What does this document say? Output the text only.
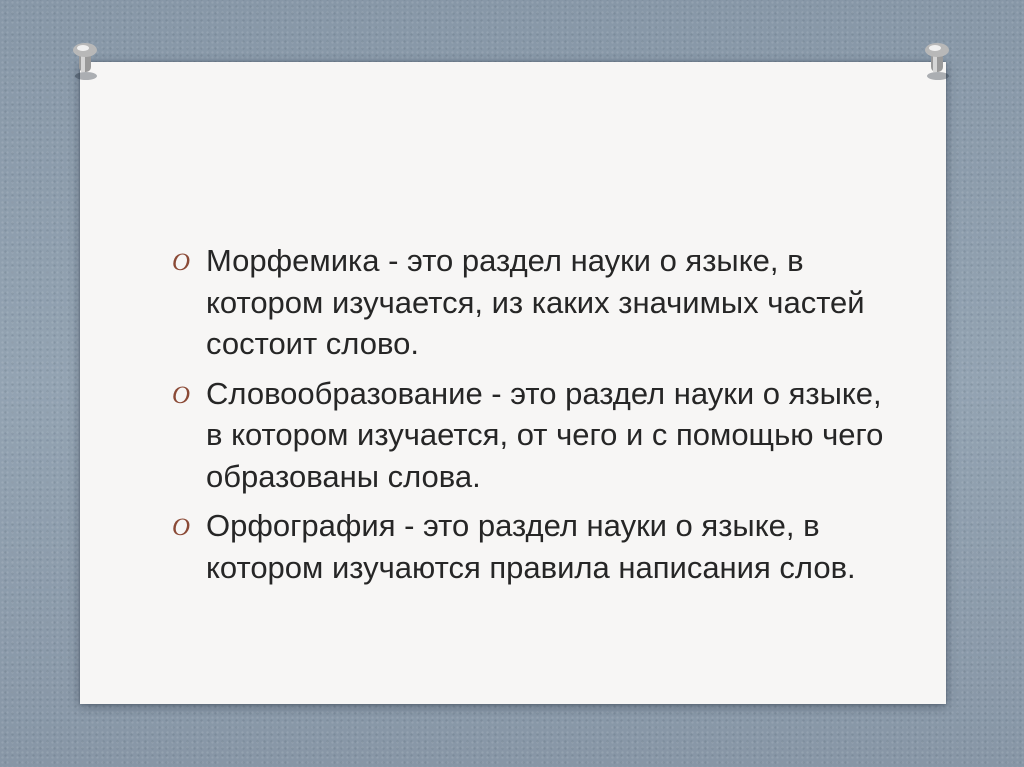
O Морфемика - это раздел науки о языке, в котором изучается, из каких значимых частей состоит слово.
O Словообразование - это раздел науки о языке, в котором изучается, от чего и с помощью чего образованы слова.
O Орфография - это раздел науки о языке, в котором изучаются правила написания слов.
